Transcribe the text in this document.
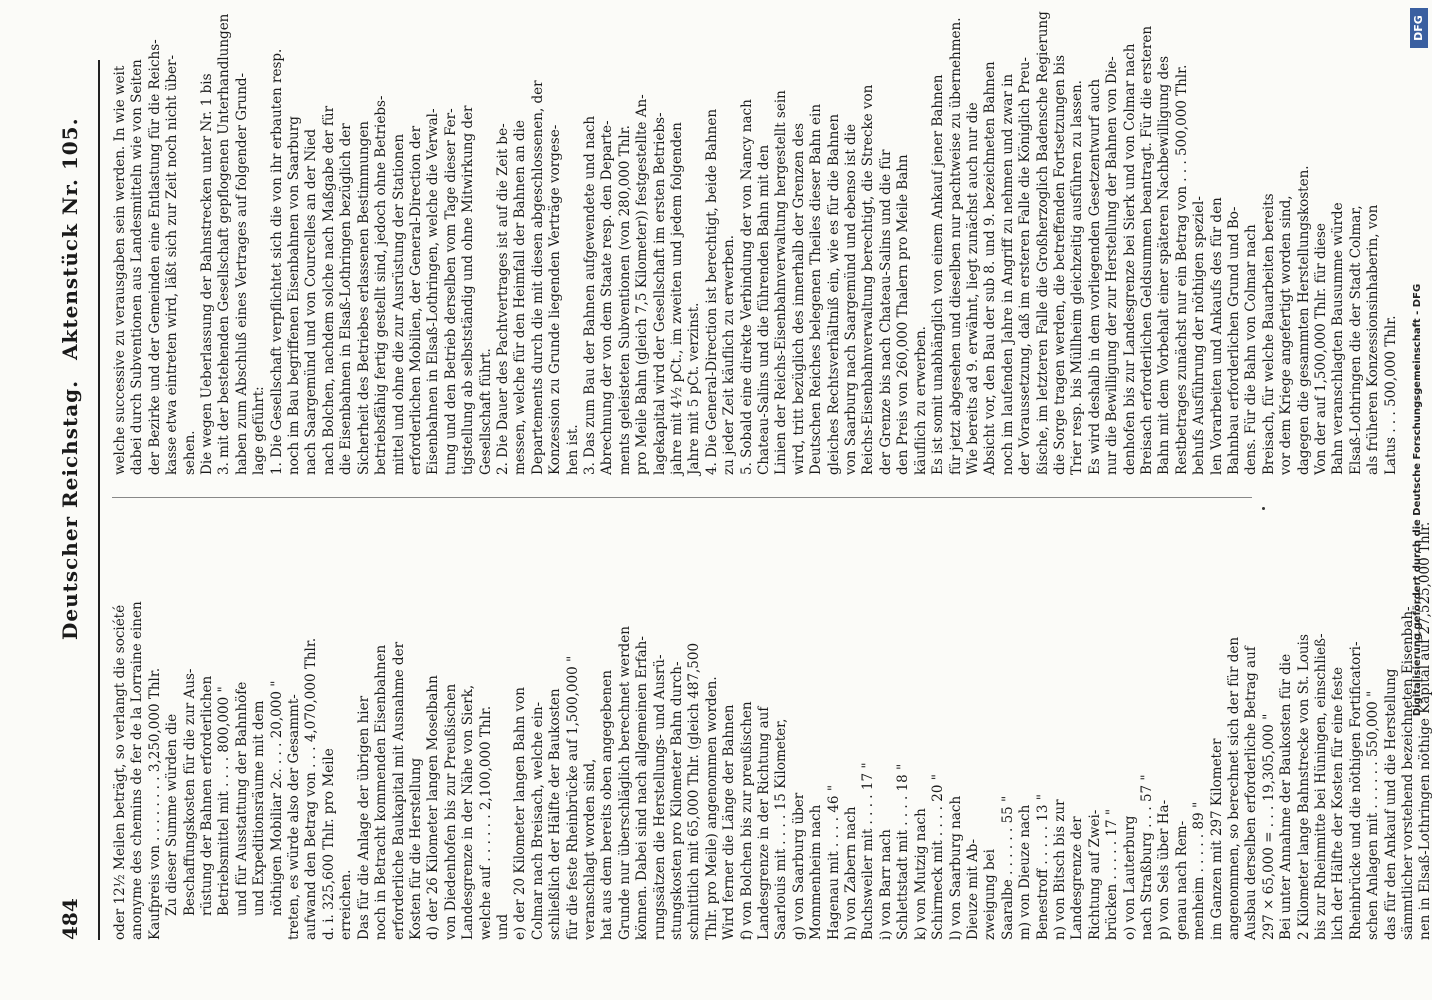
484
Deutscher Reichstag.
Aktenstück Nr. 105.
oder 12½ Meilen beträgt, so verlangt die société anonyme des chemins de fer de la Lorraine einen Kaufpreis von . . . . . . . . 3,250,000 Thlr. Zu dieser Summe würden die Beschaffungskosten für die zur Aus- rüstung der Bahnen erforderlichen Betriebsmittel mit . . . . 800,000 " und für Ausstattung der Bahnhöfe und Expeditionsräume mit dem nöthigen Mobiliar 2c. . . . 20,000 " treten, es würde also der Gesammt- aufwand den Betrag von . . . 4,070,000 Thlr. d. i. 325,600 Thlr. pro Meile erreichen. Das für die Anlage der übrigen hier noch in Betracht kommenden Eisenbahnen erforderliche Baukapital mit Ausnahme der Kosten für die Herstellung d) der 26 Kilometer langen Moselbahn von Diedenhofen bis zur Preußischen Landesgrenze in der Nähe von Sierk, welche auf . . . . . . 2,100,000 Thlr. und e) der 20 Kilometer langen Bahn von Colmar nach Breisach, welche ein- schließlich der Hälfte der Baukosten für die feste Rheinbrücke auf 1,500,000 " veranschlagt worden sind, hat aus dem bereits oben angegebenen Grunde nur überschläglich berechnet werden können. Dabei sind nach allgemeinen Erfah- rungssätzen die Herstellungs- und Ausrü- stungskosten pro Kilometer Bahn durch- schnittlich mit 65,000 Thlr. (gleich 487,500 Thlr. pro Meile) angenommen worden. Wird ferner die Länge der Bahnen f) von Bolchen bis zur preußischen Landesgrenze in der Richtung auf Saarlouis mit . . . . 15 Kilometer, g) von Saarburg über Mommenheim nach Hagenau mit . . . . 46 " h) von Zabern nach Buchsweiler mit . . . . 17 " i) von Barr nach Schlettstadt mit . . . . 18 " k) von Mutzig nach Schirmeck mit . . . . 20 " l) von Saarburg nach Dieuze mit Ab- zweigung bei Saaralbe . . . . . . 55 " m) von Dieuze nach Benestroff . . . . . 13 " n) von Bitsch bis zur Landesgrenze der Richtung auf Zwei- brücken . . . . . 17 " o) von Lauterburg nach Straßburg . . . 57 " p) von Sels über Ha- genau nach Rem- menheim . . . . . 89 " im Ganzen mit 297 Kilometer angenommen, so berechnet sich der für den Ausbau derselben erforderliche Betrag auf 297 × 65,000 = . . . 19,305,000 " Bei unter Annahme der Baukosten für die 2 Kilometer lange Bahnstrecke von St. Louis bis zur Rheinmitte bei Hüningen, einschließ- lich der Hälfte der Kosten für eine feste Rheinbrücke und die nöthigen Fortificatori- schen Anlagen mit . . . . . . 550,000 " das für den Ankauf und die Herstellung sämmtlicher vorstehend bezeichneten Eisenbah- nen in Elsaß-Lothringen nöthige Kapital auf 27,525,000 Thlr.
welche successive zu verausgaben sein werden. In wie weit dabei durch Subventionen aus Landesmitteln wie von Seiten der Bezirke und der Gemeinden eine Entlastung für die Reichs- kasse etwa eintreten wird, läßt sich zur Zeit noch nicht über- sehen. Die wegen Ueberlassung der Bahnstrecken unter Nr. 1 bis 3. mit der bestehenden Gesellschaft gepflogenen Unterhandlungen haben zum Abschluß eines Vertrages auf folgender Grund- lage geführt: 1. Die Gesellschaft verpflichtet sich die von ihr erbauten resp. noch im Bau begriffenen Eisenbahnen von Saarburg nach Saargemünd und von Courcelles an der Nied nach Bolchen, nachdem solche nach Maßgabe der für die Eisenbahnen in Elsaß-Lothringen bezüglich der Sicherheit des Betriebes erlassenen Bestimmungen betriebsfähig fertig gestellt sind, jedoch ohne Betriebs- mittel und ohne die zur Ausrüstung der Stationen erforderlichen Mobilien, der General-Direction der Eisenbahnen in Elsaß-Lothringen, welche die Verwal- tung und den Betrieb derselben vom Tage dieser Fer- tigstellung ab selbstständig und ohne Mitwirkung der Gesellschaft führt. 2. Die Dauer des Pachtvertrages ist auf die Zeit be- messen, welche für den Heimfall der Bahnen an die Departements durch die mit diesen abgeschlossenen, der Konzession zu Grunde liegenden Verträge vorgese- hen ist. 3. Das zum Bau der Bahnen aufgewendete und nach Abrechnung der von dem Staate resp. den Departe- ments geleisteten Subventionen (von 280,000 Thlr. pro Meile Bahn (gleich 7,5 Kilometer)) festgestellte An- lagekapital wird der Gesellschaft im ersten Betriebs- jahre mit 4½ pCt., im zweiten und jedem folgenden Jahre mit 5 pCt. verzinst. 4. Die General-Direction ist berechtigt, beide Bahnen zu jeder Zeit käuflich zu erwerben. 5. Sobald eine direkte Verbindung der von Nancy nach Chateau-Salins und die führenden Bahn mit den Linien der Reichs-Eisenbahnverwaltung hergestellt sein wird, tritt bezüglich des innerhalb der Grenzen des Deutschen Reiches belegenen Theiles dieser Bahn ein gleiches Rechtsverhältniß ein, wie es für die Bahnen von Saarburg nach Saargemünd und ebenso ist die Reichs-Eisenbahnverwaltung berechtigt, die Strecke von der Grenze bis nach Chateau-Salins und die für den Preis von 260,000 Thalern pro Meile Bahn käuflich zu erwerben. Es ist somit unabhänglich von einem Ankauf jener Bahnen für jetzt abgesehen und dieselben nur pachtweise zu übernehmen. Wie bereits ad 9. erwähnt, liegt zunächst auch nur die Absicht vor, den Bau der sub 8. und 9. bezeichneten Bahnen noch im laufenden Jahre in Angriff zu nehmen und zwar in der Voraussetzung, daß im ersteren Falle die Königlich Preu- ßische, im letzteren Falle die Großherzoglich Badensche Regierung die Sorge tragen werden, die betreffenden Fortsetzungen bis Trier resp. bis Müllheim gleichzeitig ausführen zu lassen. Es wird deshalb in dem vorliegenden Gesetzentwurf auch nur die Bewilligung der zur Herstellung der Bahnen von Die- denhofen bis zur Landesgrenze bei Sierk und von Colmar nach Breisach erforderlichen Geldsummen beantragt. Für die ersteren Bahn mit dem Vorbehalt einer späteren Nachbewilligung des Restbetrages zunächst nur ein Betrag von . . . 500,000 Thlr. behufs Ausführung der nöthigen speziel- len Vorarbeiten und Ankaufs des für den Bahnbau erforderlichen Grund und Bo- dens. Für die Bahn von Colmar nach Breisach, für welche Bauarbeiten bereits vor dem Kriege angefertigt worden sind, dagegen die gesammten Herstellungskosten. Von der auf 1,500,000 Thlr. für diese Bahn veranschlagten Bausumme würde Elsaß-Lothringen die der Stadt Colmar, als früheren Konzessionsinhaberin, von Latus . . . 500,000 Thlr. Digitalisierung gefördert durch die Deutsche Forschungsgemeinschaft - DFG
DFG
